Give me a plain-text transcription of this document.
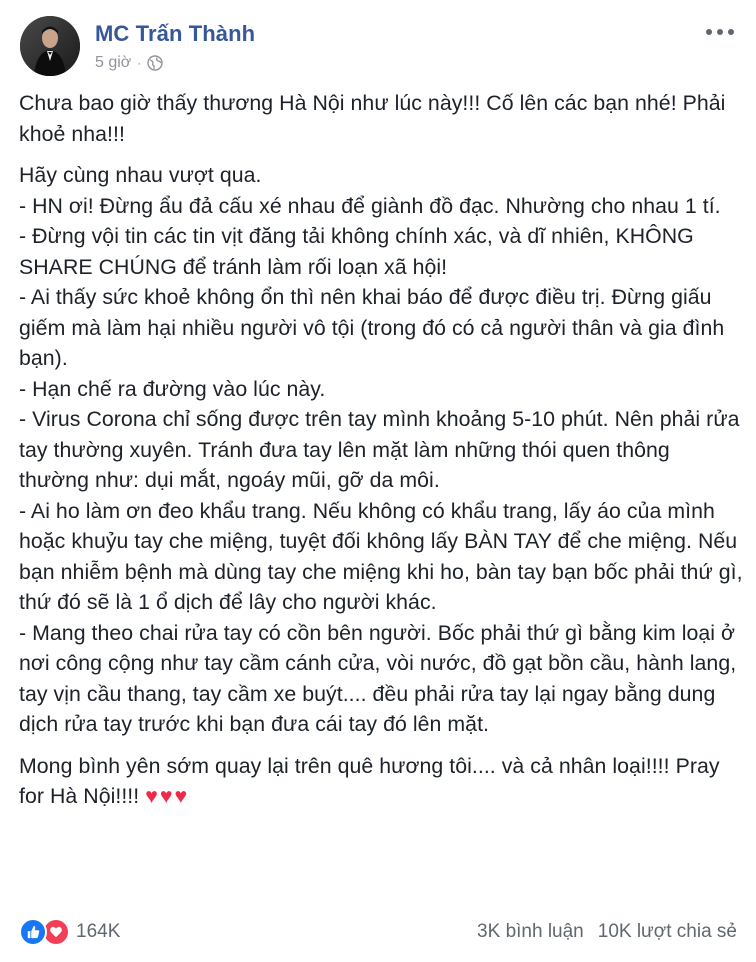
MC Trấn Thành
5 giờ ·

Chưa bao giờ thấy thương Hà Nội như lúc này!!! Cố lên các bạn nhé! Phải khoẻ nha!!!

Hãy cùng nhau vượt qua.
- HN ơi! Đừng ẩu đả cấu xé nhau để giành đồ đạc. Nhường cho nhau 1 tí.
- Đừng vội tin các tin vịt đăng tải không chính xác, và dĩ nhiên, KHÔNG SHARE CHÚNG để tránh làm rối loạn xã hội!
- Ai thấy sức khoẻ không ổn thì nên khai báo để được điều trị. Đừng giấu giếm mà làm hại nhiều người vô tội (trong đó có cả người thân và gia đình bạn).
- Hạn chế ra đường vào lúc này.
- Virus Corona chỉ sống được trên tay mình khoảng 5-10 phút. Nên phải rửa tay thường xuyên. Tránh đưa tay lên mặt làm những thói quen thông thường như: dụi mắt, ngoáy mũi, gỡ da môi.
- Ai ho làm ơn đeo khẩu trang. Nếu không có khẩu trang, lấy áo của mình hoặc khuỷu tay che miệng, tuyệt đối không lấy BÀN TAY để che miệng. Nếu bạn nhiễm bệnh mà dùng tay che miệng khi ho, bàn tay bạn bốc phải thứ gì, thứ đó sẽ là 1 ổ dịch để lây cho người khác.
- Mang theo chai rửa tay có cồn bên người. Bốc phải thứ gì bằng kim loại ở nơi công cộng như tay cầm cánh cửa, vòi nước, đồ gạt bồn cầu, hành lang, tay vịn cầu thang, tay cầm xe buýt.... đều phải rửa tay lại ngay bằng dung dịch rửa tay trước khi bạn đưa cái tay đó lên mặt.

Mong bình yên sớm quay lại trên quê hương tôi.... và cả nhân loại!!!! Pray for Hà Nội!!!! ♥♥♥

164K	3K bình luận 10K lượt chia sẻ
